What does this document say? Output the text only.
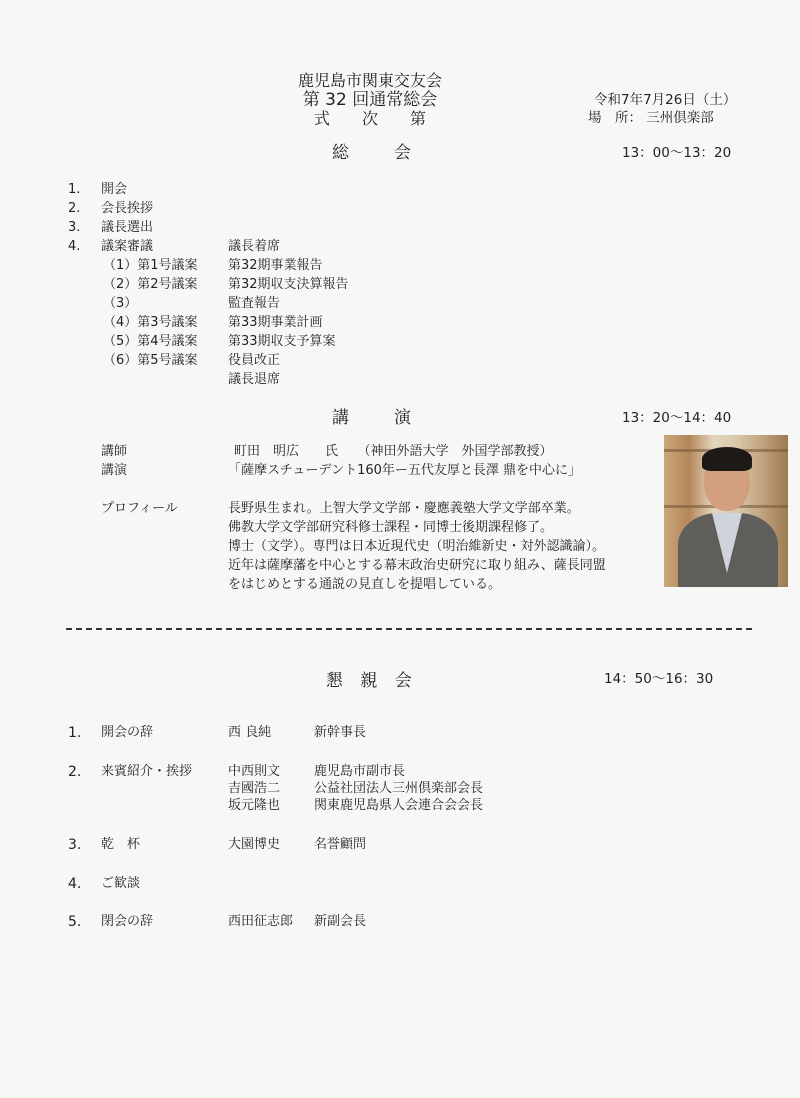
鹿児島市関東交友会
第 32 回通常総会
式　　次　　第
令和7年7月26日（土）
場　所： 三州倶楽部
総　会	13：00～13：20
1. 開会
2. 会長挨拶
3. 議長選出
4. 議案審議	議長着席
（1）第1号議案 第32期事業報告
（2）第2号議案 第32期収支決算報告
（3）	監査報告
（4）第3号議案 第33期事業計画
（5）第4号議案 第33期収支予算案
（6）第5号議案 役員改正
議長退席
講　演	13：20～14：40
講師	町田　明広　　氏　　（神田外語大学　外国学部教授）
講演	「薩摩スチューデント160年ー五代友厚と長澤 鼎を中心に」
プロフィール	長野県生まれ。上智大学文学部・慶應義塾大学文学部卒業。
佛教大学文学部研究科修士課程・同博士後期課程修了。
博士（文学）。専門は日本近現代史（明治維新史・対外認識論）。
近年は薩摩藩を中心とする幕末政治史研究に取り組み、薩長同盟
をはじめとする通説の見直しを提唱している。
懇 親 会	14：50～16：30
1. 開会の辞	西 良純	新幹事長
2. 来賓紹介・挨拶	中西則文	鹿児島市副市長
吉國浩二	公益社団法人三州倶楽部会長
坂元隆也	関東鹿児島県人会連合会会長
3. 乾　杯	大園博史	名誉顧問
4. ご歓談
5. 閉会の辞	西田征志郎 新副会長
